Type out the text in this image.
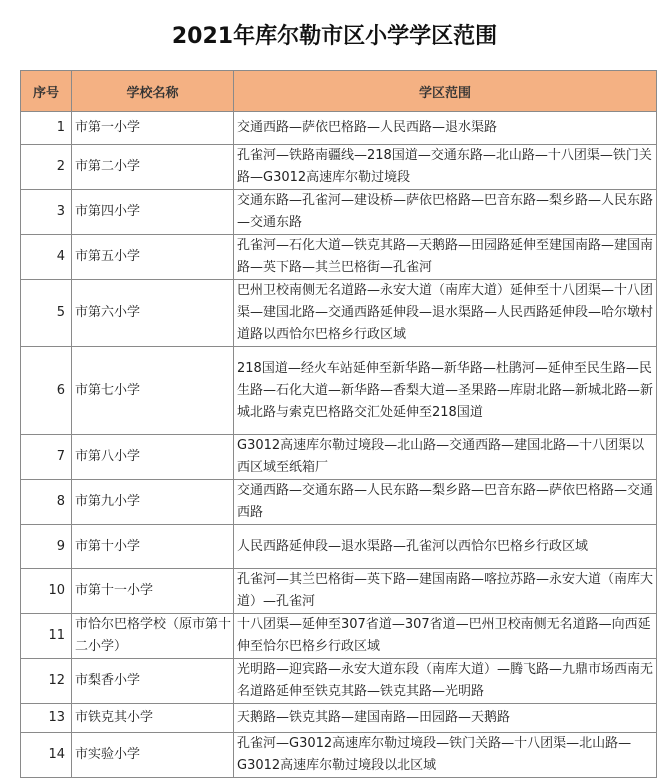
2021年库尔勒市区小学学区范围
序号	学校名称	学区范围
1	市第一小学	交通西路—萨依巴格路—人民西路—退水渠路
2	市第二小学	孔雀河—铁路南疆线—218国道—交通东路—北山路—十八团渠—铁门关路—G3012高速库尔勒过境段
3	市第四小学	交通东路—孔雀河—建设桥—萨依巴格路—巴音东路—梨乡路—人民东路—交通东路
4	市第五小学	孔雀河—石化大道—铁克其路—天鹅路—田园路延伸至建国南路—建国南路—英下路—其兰巴格街—孔雀河
5	市第六小学	巴州卫校南侧无名道路—永安大道（南库大道）延伸至十八团渠—十八团渠—建国北路—交通西路延伸段—退水渠路—人民西路延伸段—哈尔墩村道路以西恰尔巴格乡行政区域
6	市第七小学	218国道—经火车站延伸至新华路—新华路—杜鹃河—延伸至民生路—民生路—石化大道—新华路—香梨大道—圣果路—库尉北路—新城北路—新城北路与索克巴格路交汇处延伸至218国道
7	市第八小学	G3012高速库尔勒过境段—北山路—交通西路—建国北路—十八团渠以西区域至纸箱厂
8	市第九小学	交通西路—交通东路—人民东路—梨乡路—巴音东路—萨依巴格路—交通西路
9	市第十小学	人民西路延伸段—退水渠路—孔雀河以西恰尔巴格乡行政区域
10	市第十一小学	孔雀河—其兰巴格街—英下路—建国南路—喀拉苏路—永安大道（南库大道）—孔雀河
11	市恰尔巴格学校（原市第十二小学）	十八团渠—延伸至307省道—307省道—巴州卫校南侧无名道路—向西延伸至恰尔巴格乡行政区域
12	市梨香小学	光明路—迎宾路—永安大道东段（南库大道）—腾飞路—九鼎市场西南无名道路延伸至铁克其路—铁克其路—光明路
13	市铁克其小学	天鹅路—铁克其路—建国南路—田园路—天鹅路
14	市实验小学	孔雀河—G3012高速库尔勒过境段—铁门关路—十八团渠—北山路—G3012高速库尔勒过境段以北区域
